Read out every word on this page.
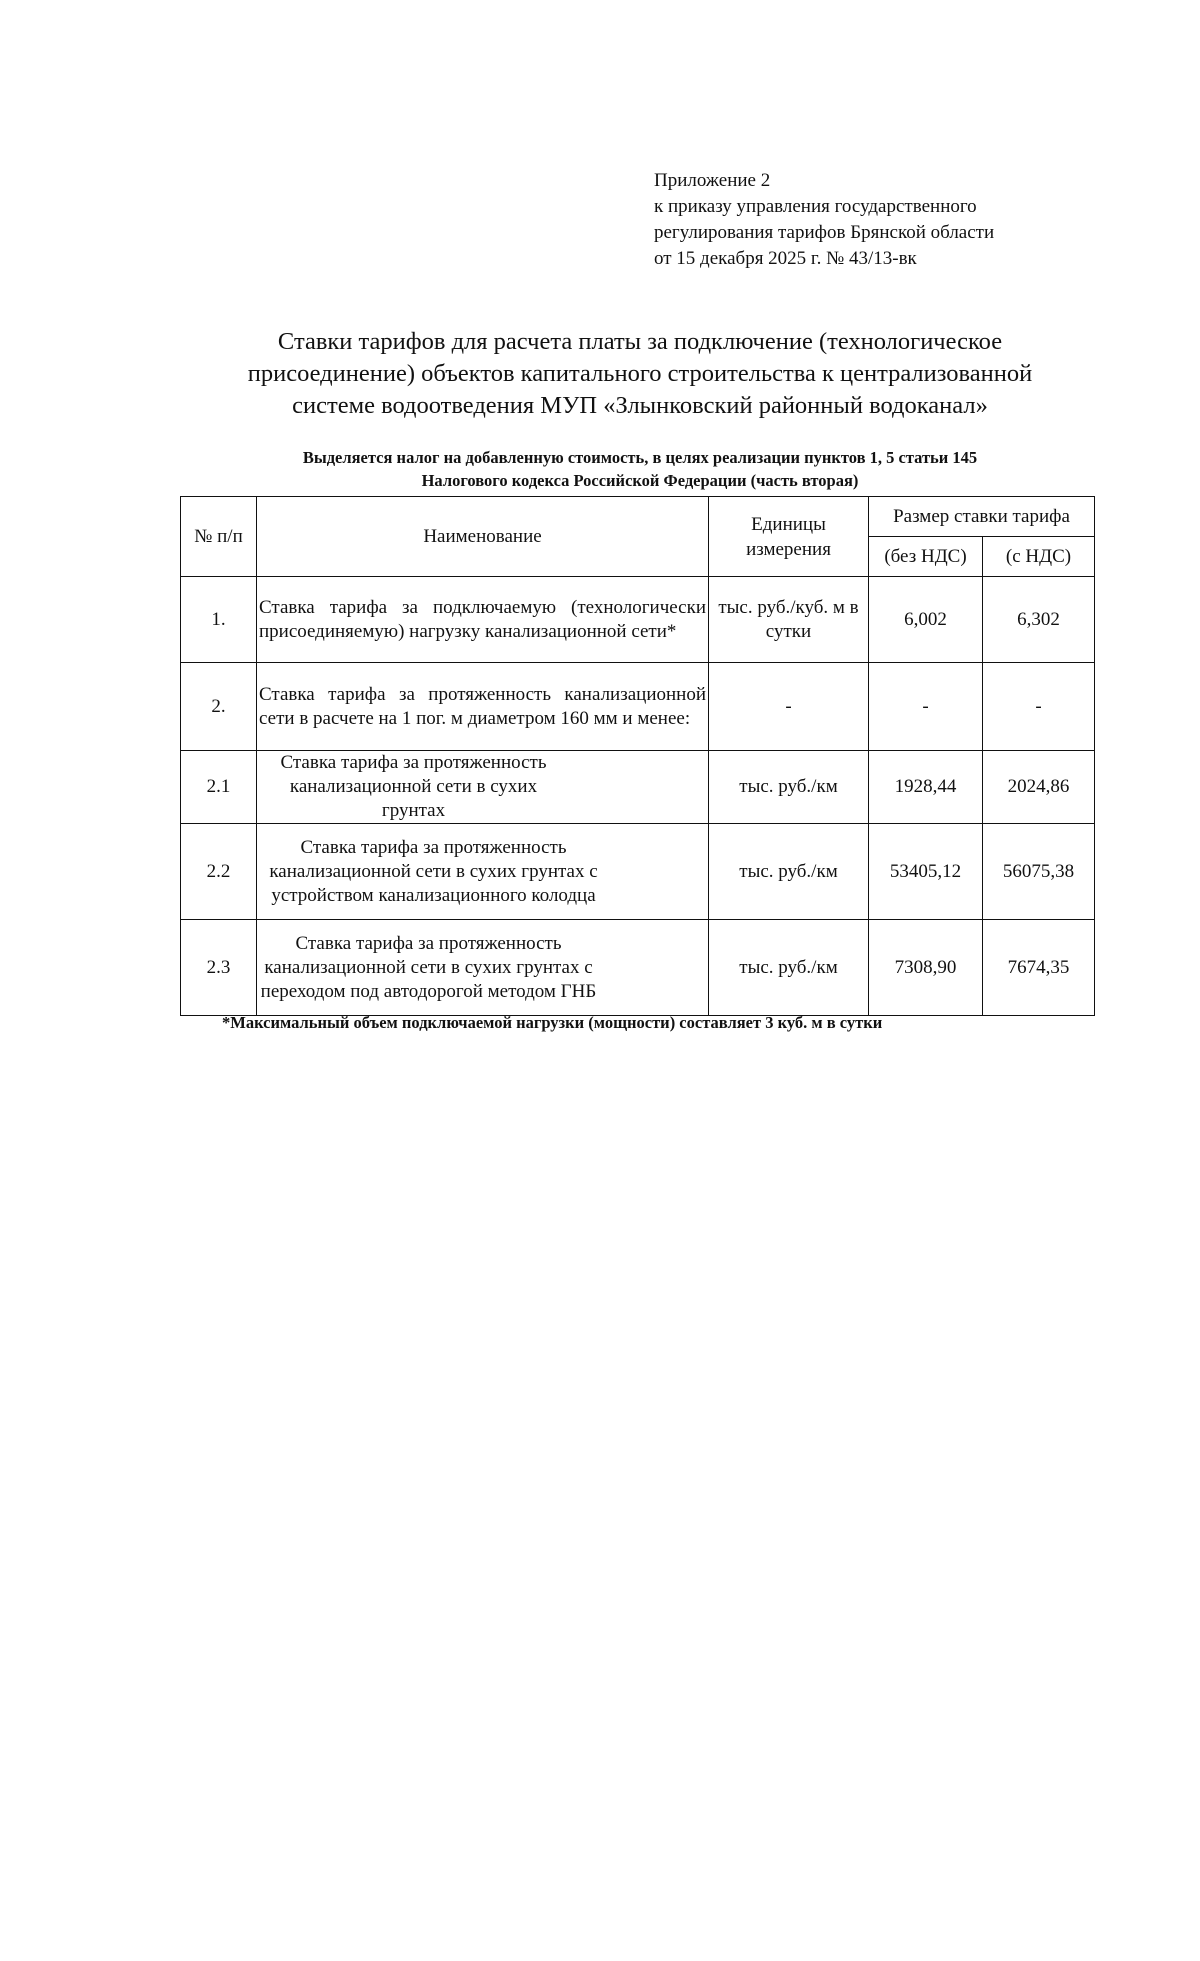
Приложение 2
к приказу управления государственного
регулирования тарифов Брянской области
от 15 декабря 2025 г. № 43/13-вк
Ставки тарифов для расчета платы за подключение (технологическое
присоединение) объектов капитального строительства к централизованной
системе водоотведения МУП «Злынковский районный водоканал»
Выделяется налог на добавленную стоимость, в целях реализации пунктов 1, 5 статьи 145
Налогового кодекса Российской Федерации (часть вторая)
№ п/п	Наименование	Единицы измерения	Размер ставки тарифа	
			(без НДС)	(с НДС)
1.	Ставка тарифа за подключаемую (технологически присоединяемую) нагрузку канализационной сети*	тыс. руб./куб. м в сутки	6,002	6,302
2.	Ставка тарифа за протяженность канализационной сети в расчете на 1 пог. м диаметром 160 мм и менее:	-	-	-
2.1	Ставка тарифа за протяженность канализационной сети в сухих грунтах	тыс. руб./км	1928,44	2024,86
2.2	Ставка тарифа за протяженность канализационной сети в сухих грунтах с устройством канализационного колодца	тыс. руб./км	53405,12	56075,38
2.3	Ставка тарифа за протяженность канализационной сети в сухих грунтах с переходом под автодорогой методом ГНБ	тыс. руб./км	7308,90	7674,35
*Максимальный объем подключаемой нагрузки (мощности) составляет 3 куб. м в сутки
